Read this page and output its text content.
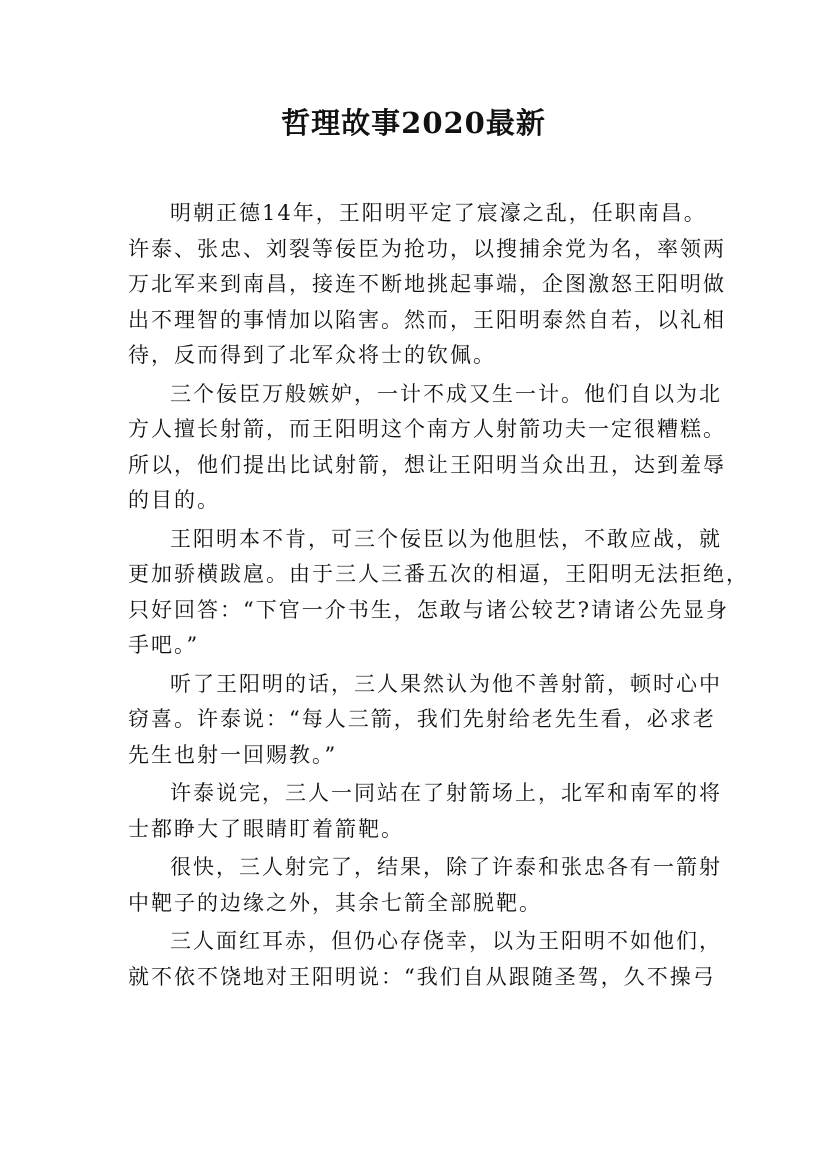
哲理故事2020最新
明朝正德14年，王阳明平定了宸濠之乱，任职南昌。
许泰、张忠、刘裂等佞臣为抢功，以搜捕余党为名，率领两
万北军来到南昌，接连不断地挑起事端，企图激怒王阳明做
出不理智的事情加以陷害。然而，王阳明泰然自若，以礼相
待，反而得到了北军众将士的钦佩。
三个佞臣万般嫉妒，一计不成又生一计。他们自以为北
方人擅长射箭，而王阳明这个南方人射箭功夫一定很糟糕。
所以，他们提出比试射箭，想让王阳明当众出丑，达到羞辱
的目的。
王阳明本不肯，可三个佞臣以为他胆怯，不敢应战，就
更加骄横跋扈。由于三人三番五次的相逼，王阳明无法拒绝，
只好回答：“下官一介书生，怎敢与诸公较艺?请诸公先显身
手吧。”
听了王阳明的话，三人果然认为他不善射箭，顿时心中
窃喜。许泰说：“每人三箭，我们先射给老先生看，必求老
先生也射一回赐教。”
许泰说完，三人一同站在了射箭场上，北军和南军的将
士都睁大了眼睛盯着箭靶。
很快，三人射完了，结果，除了许泰和张忠各有一箭射
中靶子的边缘之外，其余七箭全部脱靶。
三人面红耳赤，但仍心存侥幸，以为王阳明不如他们，
就不依不饶地对王阳明说：“我们自从跟随圣驾，久不操弓
